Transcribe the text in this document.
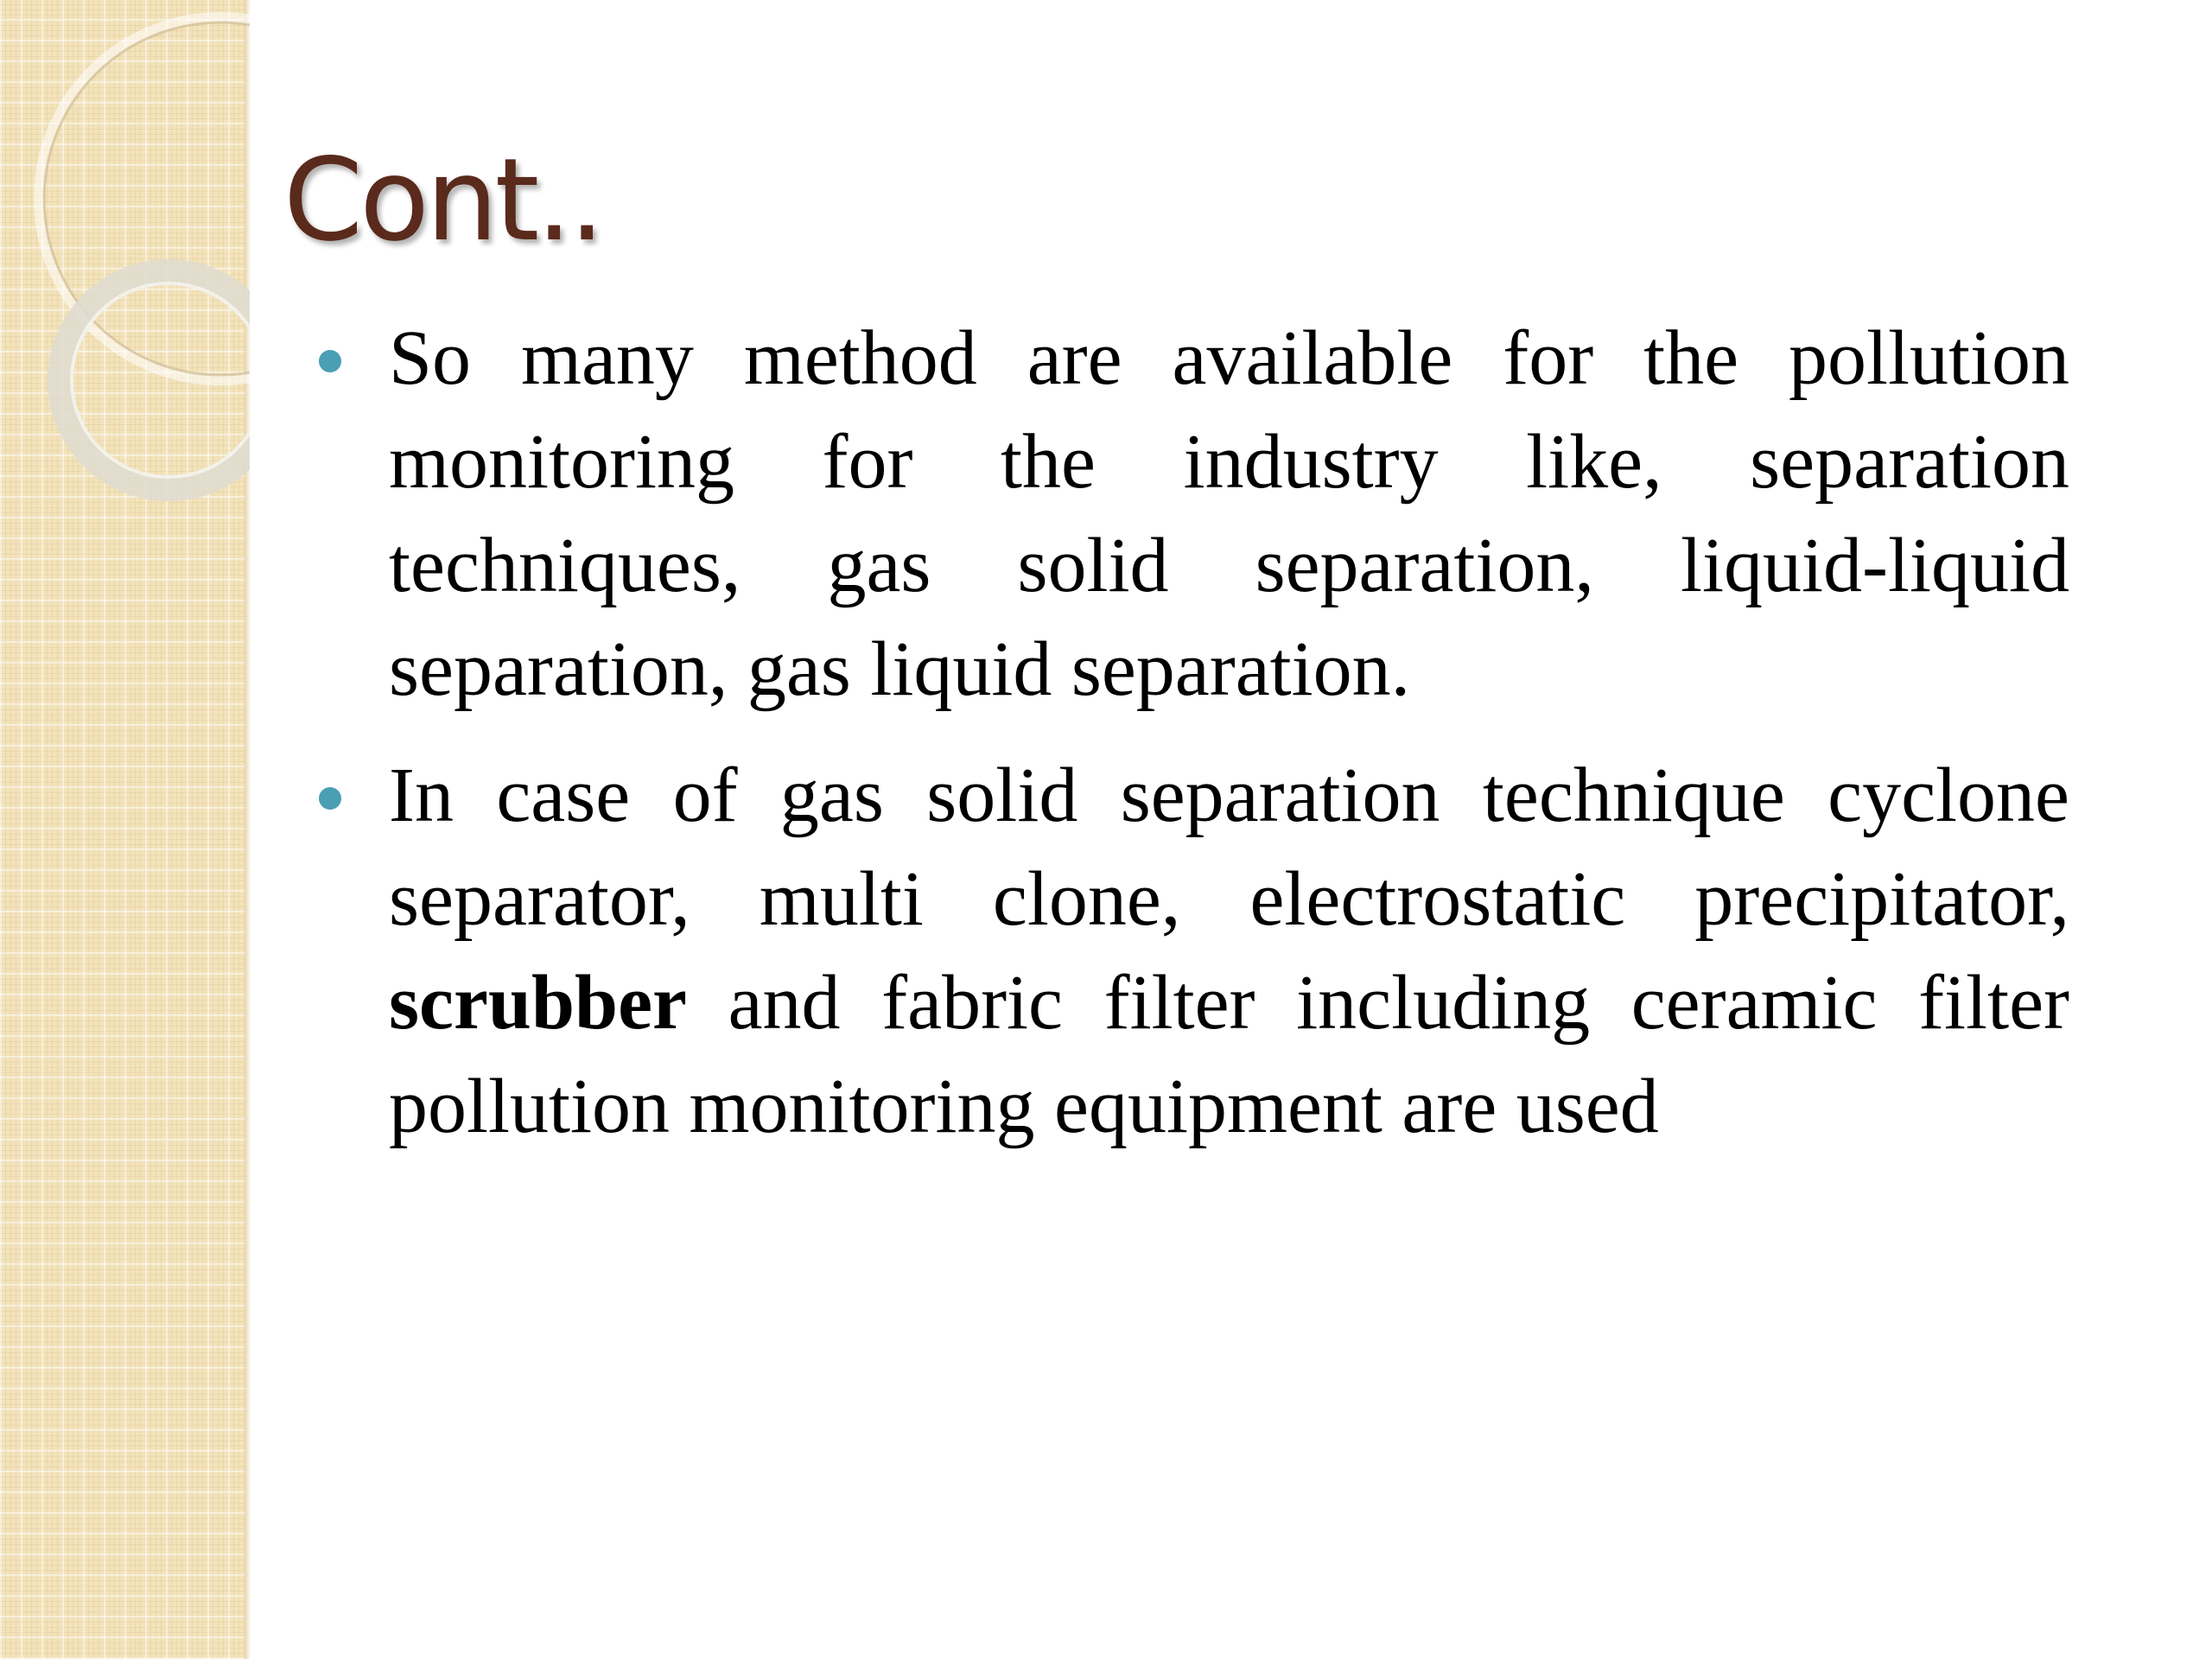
Cont..
So many method are available for the pollution monitoring for the industry like, separation techniques, gas solid separation, liquid-liquid separation, gas liquid separation.
In case of gas solid separation technique cyclone separator, multi clone, electrostatic precipitator, scrubber and fabric filter including ceramic filter pollution monitoring equipment are used
